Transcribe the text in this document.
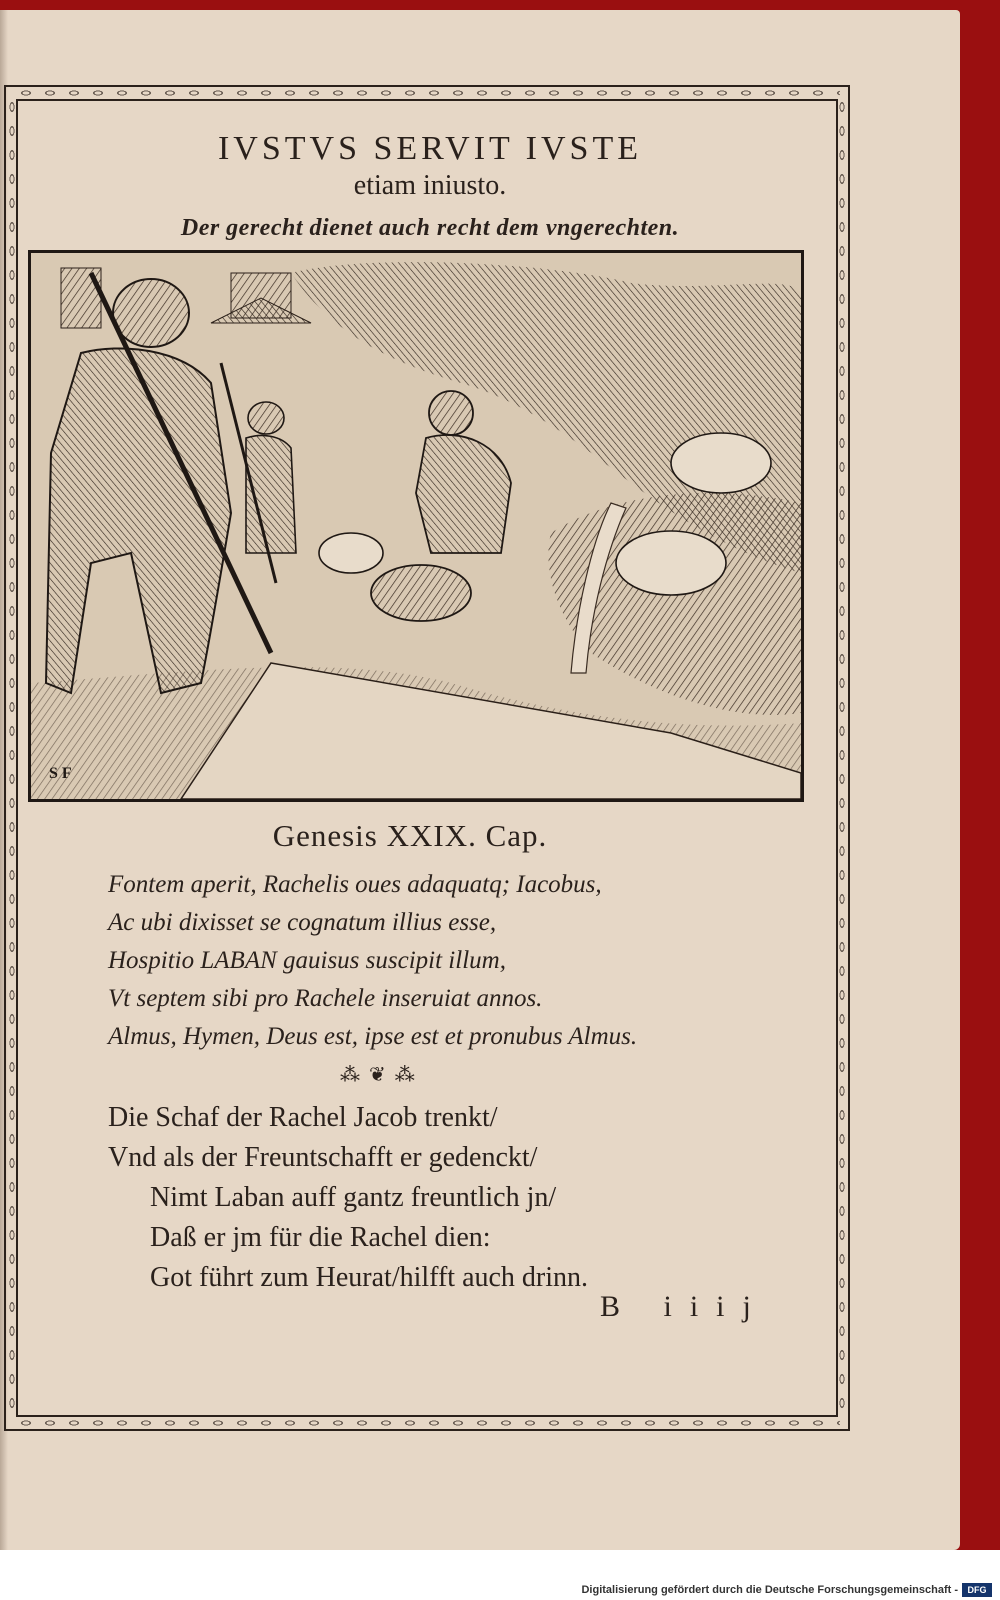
IVSTVS SERVIT IVSTE
etiam iniusto.
Der gerecht dienet auch recht dem vngerechten.
S F
Genesis XXIX. Cap.
Fontem aperit, Rachelis oues adaquatq; Iacobus,
Ac ubi dixisset se cognatum illius esse,
Hospitio LABAN gauisus suscipit illum,
Vt septem sibi pro Rachele inseruiat annos.
Almus, Hymen, Deus est, ipse est et pronubus Almus.
⁂ ❦ ⁂
Die Schaf der Rachel Jacob trenkt/
Vnd als der Freuntschafft er gedenckt/
Nimt Laban auff gantz freuntlich jn/
Daß er jm für die Rachel dien:
Got führt zum Heurat/hilfft auch drinn.
B iiij
Digitalisierung gefördert durch die Deutsche Forschungsgemeinschaft -	DFG
